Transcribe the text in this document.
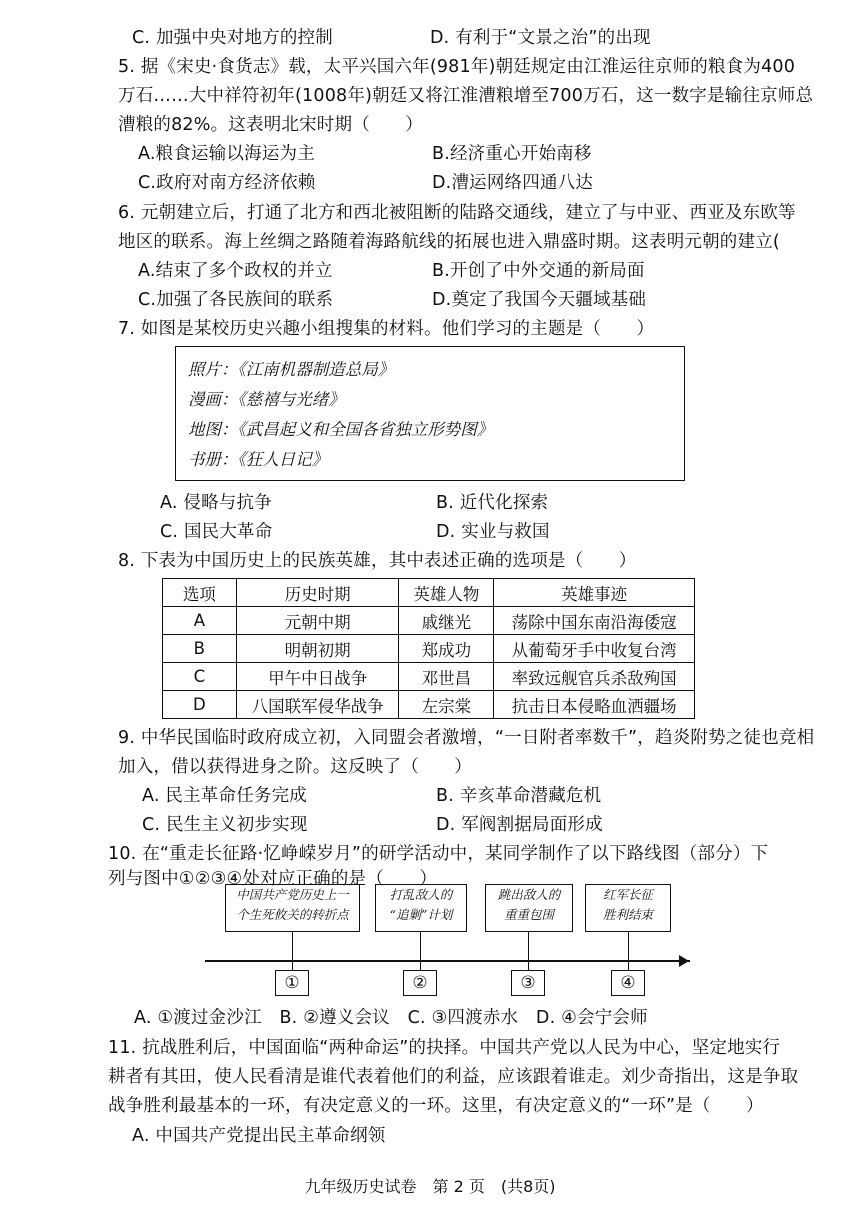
C. 加强中央对地方的控制	D. 有利于“文景之治”的出现
5. 据《宋史·食货志》载，太平兴国六年(981年)朝廷规定由江淮运往京师的粮食为400
万石……大中祥符初年(1008年)朝廷又将江淮漕粮增至700万石，这一数字是输往京师总
漕粮的82%。这表明北宋时期（　　）
A.粮食运输以海运为主	B.经济重心开始南移
C.政府对南方经济依赖	D.漕运网络四通八达
6. 元朝建立后，打通了北方和西北被阻断的陆路交通线，建立了与中亚、西亚及东欧等
地区的联系。海上丝绸之路随着海路航线的拓展也进入鼎盛时期。这表明元朝的建立(
A.结束了多个政权的并立	B.开创了中外交通的新局面
C.加强了各民族间的联系	D.奠定了我国今天疆域基础
7. 如图是某校历史兴趣小组搜集的材料。他们学习的主题是（　　）
照片：《江南机器制造总局》
漫画：《慈禧与光绪》
地图：《武昌起义和全国各省独立形势图》
书册：《狂人日记》
A. 侵略与抗争	B. 近代化探索
C. 国民大革命	D. 实业与救国
8. 下表为中国历史上的民族英雄，其中表述正确的选项是（　　）
选项	历史时期	英雄人物	英雄事迹
A	元朝中期	戚继光	荡除中国东南沿海倭寇
B	明朝初期	郑成功	从葡萄牙手中收复台湾
C	甲午中日战争	邓世昌	率致远舰官兵杀敌殉国
D	八国联军侵华战争	左宗棠	抗击日本侵略血洒疆场
9. 中华民国临时政府成立初，入同盟会者激增，“一日附者率数千”，趋炎附势之徒也竞相
加入，借以获得进身之阶。这反映了（　　）
A. 民主革命任务完成	B. 辛亥革命潜藏危机
C. 民生主义初步实现	D. 军阀割据局面形成
10. 在“重走长征路·忆峥嵘岁月”的研学活动中，某同学制作了以下路线图（部分）下
列与图中①②③④处对应正确的是（　　）
中国共产党历史上一
个生死攸关的转折点
打乱敌人的
“追剿”计划
跳出敌人的
重重包围
红军长征
胜利结束
①	②	③	④
A. ①渡过金沙江　B. ②遵义会议　C. ③四渡赤水　D. ④会宁会师
11. 抗战胜利后，中国面临“两种命运”的抉择。中国共产党以人民为中心，坚定地实行
耕者有其田，使人民看清是谁代表着他们的利益，应该跟着谁走。刘少奇指出，这是争取
战争胜利最基本的一环，有决定意义的一环。这里，有决定意义的“一环”是（　　）
A. 中国共产党提出民主革命纲领
九年级历史试卷　第 2 页　(共8页)
